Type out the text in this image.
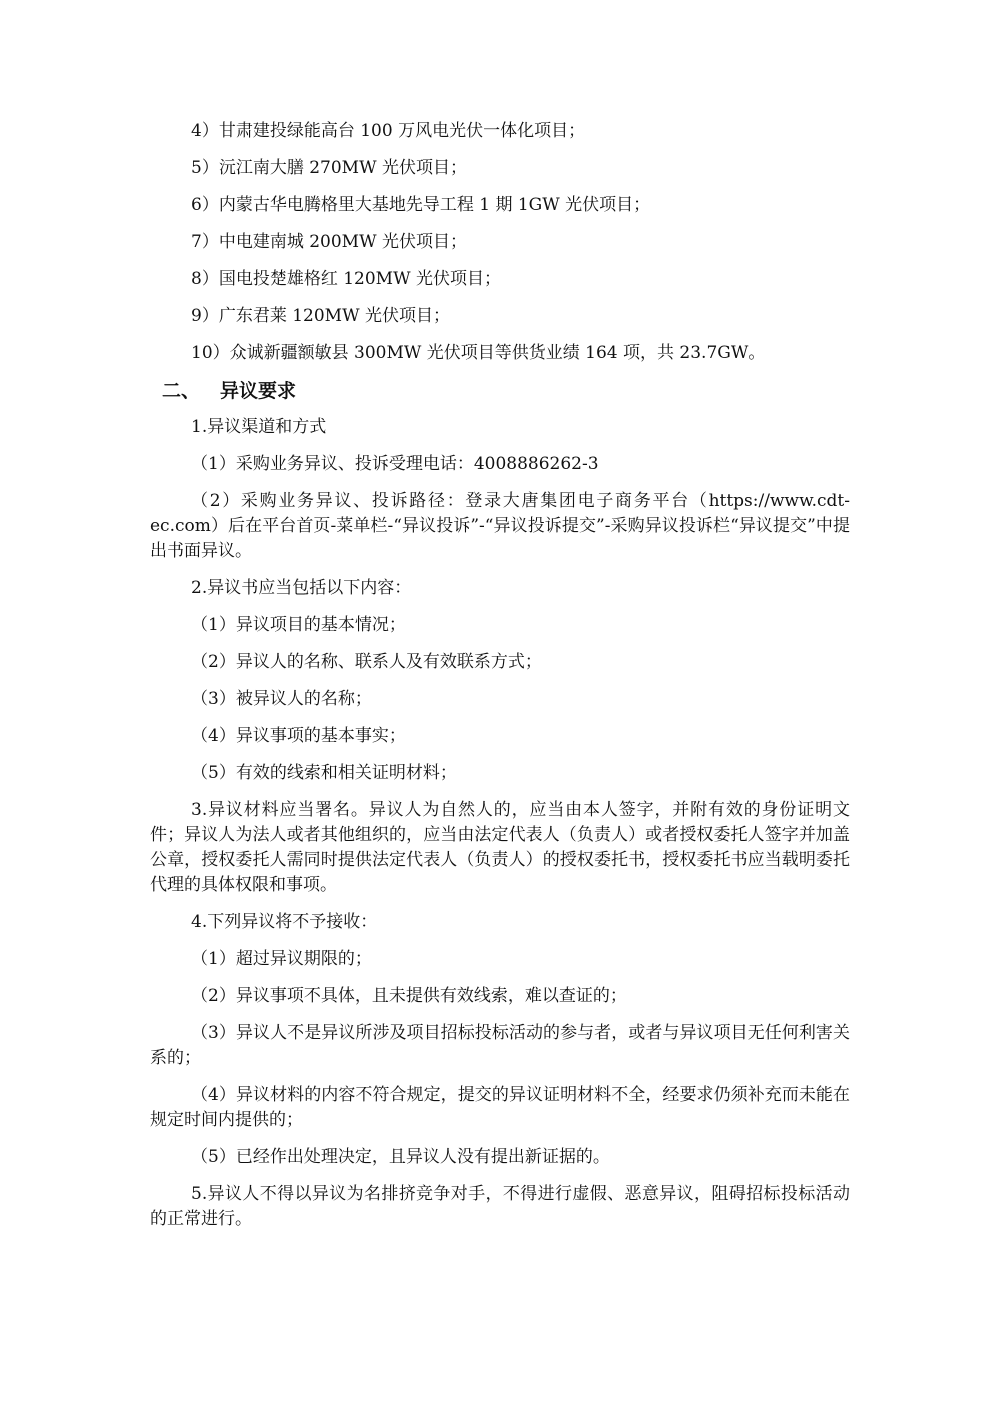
4）甘肃建投绿能高台 100 万风电光伏一体化项目；
5）沅江南大膳 270MW 光伏项目；
6）内蒙古华电腾格里大基地先导工程 1 期 1GW 光伏项目；
7）中电建南城 200MW 光伏项目；
8）国电投楚雄格红 120MW 光伏项目；
9）广东君莱 120MW 光伏项目；
10）众诚新疆额敏县 300MW 光伏项目等供货业绩 164 项，共 23.7GW。
二、 异议要求
1.异议渠道和方式
（1）采购业务异议、投诉受理电话：4008886262-3
（2）采购业务异议、投诉路径：登录大唐集团电子商务平台（https://www.cdt-ec.com）后在平台首页-菜单栏-“异议投诉”-“异议投诉提交”-采购异议投诉栏“异议提交”中提出书面异议。
2.异议书应当包括以下内容：
（1）异议项目的基本情况；
（2）异议人的名称、联系人及有效联系方式；
（3）被异议人的名称；
（4）异议事项的基本事实；
（5）有效的线索和相关证明材料；
3.异议材料应当署名。异议人为自然人的，应当由本人签字，并附有效的身份证明文件；异议人为法人或者其他组织的，应当由法定代表人（负责人）或者授权委托人签字并加盖公章，授权委托人需同时提供法定代表人（负责人）的授权委托书，授权委托书应当载明委托代理的具体权限和事项。
4.下列异议将不予接收：
（1）超过异议期限的；
（2）异议事项不具体，且未提供有效线索，难以查证的；
（3）异议人不是异议所涉及项目招标投标活动的参与者，或者与异议项目无任何利害关系的；
（4）异议材料的内容不符合规定，提交的异议证明材料不全，经要求仍须补充而未能在规定时间内提供的；
（5）已经作出处理决定，且异议人没有提出新证据的。
5.异议人不得以异议为名排挤竞争对手，不得进行虚假、恶意异议，阻碍招标投标活动的正常进行。
